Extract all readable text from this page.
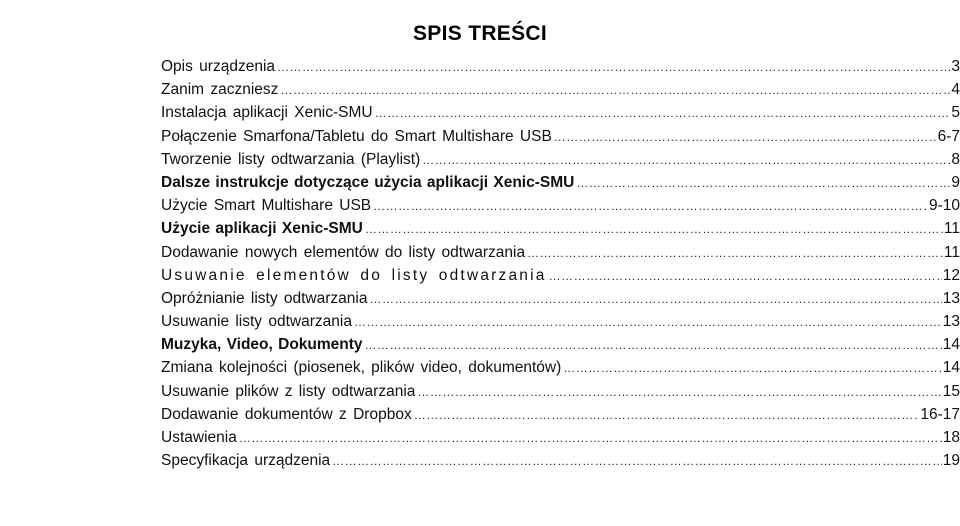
SPIS TREŚCI
Opis urządzenia ………………………………………………………………………………………………………………………………………………………………………………………………………………………………………………	3
Zanim zaczniesz ………………………………………………………………………………………………………………………………………………………………………………………………………………………………………………	4
Instalacja aplikacji Xenic-SMU ………………………………………………………………………………………………………………………………………………………………………………………………………………………………………………	5
Połączenie Smarfona/Tabletu do Smart Multishare USB ………………………………………………………………………………………………………………………………………………………………………………………………………………………………………………	6-7
Tworzenie listy odtwarzania (Playlist) ………………………………………………………………………………………………………………………………………………………………………………………………………………………………………………	8
Dalsze instrukcje dotyczące użycia aplikacji Xenic-SMU ………………………………………………………………………………………………………………………………………………………………………………………………………………………………………………	9
Użycie Smart Multishare USB ………………………………………………………………………………………………………………………………………………………………………………………………………………………………………………	9-10
Użycie aplikacji Xenic-SMU ………………………………………………………………………………………………………………………………………………………………………………………………………………………………………………	11
Dodawanie nowych elementów do listy odtwarzania ………………………………………………………………………………………………………………………………………………………………………………………………………………………………………………	11
Usuwanie elementów do listy odtwarzania ………………………………………………………………………………………………………………………………………………………………………………………………………………………………………………	12
Opróżnianie listy odtwarzania ………………………………………………………………………………………………………………………………………………………………………………………………………………………………………………	13
Usuwanie listy odtwarzania ………………………………………………………………………………………………………………………………………………………………………………………………………………………………………………	13
Muzyka, Video, Dokumenty ………………………………………………………………………………………………………………………………………………………………………………………………………………………………………………	14
Zmiana kolejności (piosenek, plików video, dokumentów) ………………………………………………………………………………………………………………………………………………………………………………………………………………………………………………	14
Usuwanie plików z listy odtwarzania ………………………………………………………………………………………………………………………………………………………………………………………………………………………………………………	15
Dodawanie dokumentów z Dropbox ………………………………………………………………………………………………………………………………………………………………………………………………………………………………………………	16-17
Ustawienia ………………………………………………………………………………………………………………………………………………………………………………………………………………………………………………	18
Specyfikacja urządzenia ………………………………………………………………………………………………………………………………………………………………………………………………………………………………………………	19
